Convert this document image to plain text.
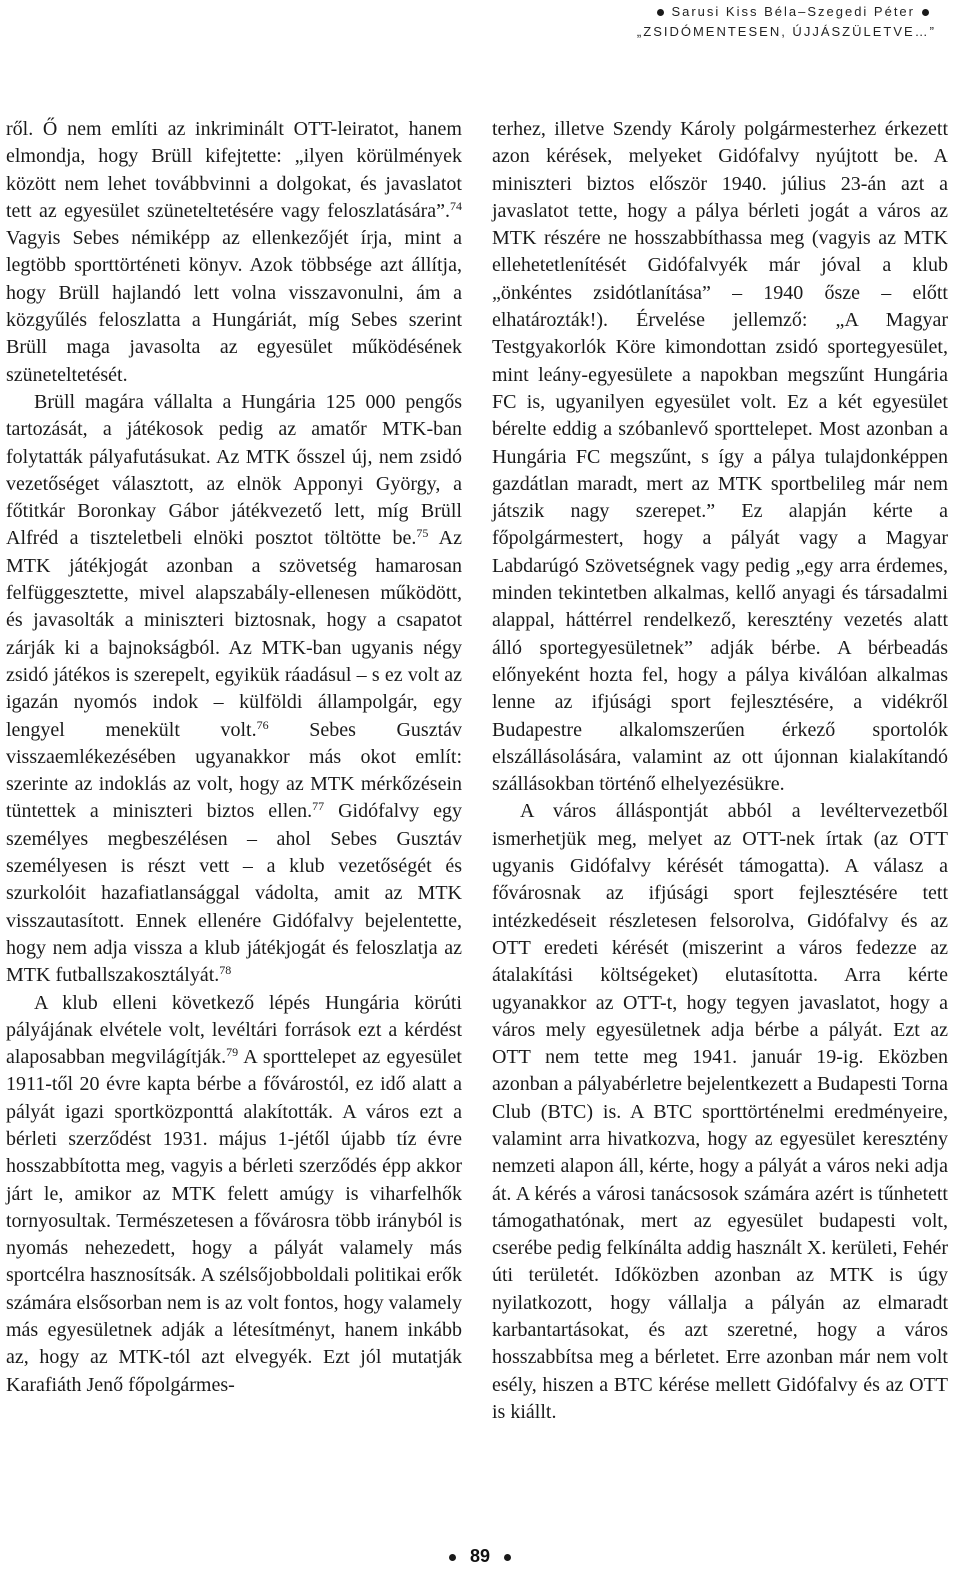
Sarusi Kiss Béla–Szegedi Péter
„ZSIDÓMENTESEN, ÚJJÁSZÜLETVE…”

ről. Ő nem említi az inkriminált OTT-leiratot, hanem elmondja, hogy Brüll kifejtette: „ilyen körülmények között nem lehet továbbvinni a dolgokat, és javaslatot tett az egyesület szüneteltetésére vagy feloszlatására”.$^{74}$ Vagyis Sebes némiképp az ellenkezőjét írja, mint a legtöbb sporttörténeti könyv. Azok többsége azt állítja, hogy Brüll hajlandó lett volna visszavonulni, ám a közgyűlés feloszlatta a Hungáriát, míg Sebes szerint Brüll maga javasolta az egyesület működésének szüneteltetését.

Brüll magára vállalta a Hungária 125 000 pengős tartozását, a játékosok pedig az amatőr MTK-ban folytatták pályafutásukat. Az MTK ősszel új, nem zsidó vezetőséget választott, az elnök Apponyi György, a főtitkár Boronkay Gábor játékvezető lett, míg Brüll Alfréd a tiszteletbeli elnöki posztot töltötte be.$^{75}$ Az MTK játékjogát azonban a szövetség hamarosan felfüggesztette, mivel alapszabály-ellenesen működött, és javasolták a miniszteri biztosnak, hogy a csapatot zárják ki a bajnokságból. Az MTK-ban ugyanis négy zsidó játékos is szerepelt, egyikük ráadásul – s ez volt az igazán nyomós indok – külföldi állampolgár, egy lengyel menekült volt.$^{76}$ Sebes Gusztáv visszaemlékezésében ugyanakkor más okot említ: szerinte az indoklás az volt, hogy az MTK mérkőzésein tüntettek a miniszteri biztos ellen.$^{77}$ Gidófalvy egy személyes megbeszélésen – ahol Sebes Gusztáv személyesen is részt vett – a klub vezetőségét és szurkolóit hazafiatlansággal vádolta, amit az MTK visszautasított. Ennek ellenére Gidófalvy bejelentette, hogy nem adja vissza a klub játékjogát és feloszlatja az MTK futballszakosztályát.$^{78}$

A klub elleni következő lépés Hungária körúti pályájának elvétele volt, levéltári források ezt a kérdést alaposabban megvilágítják.$^{79}$ A sporttelepet az egyesület 1911-től 20 évre kapta bérbe a fővárostól, ez idő alatt a pályát igazi sportközponttá alakították. A város ezt a bérleti szerződést 1931. május 1-jétől újabb tíz évre hosszabbította meg, vagyis a bérleti szerződés épp akkor járt le, amikor az MTK felett amúgy is viharfelhők tornyosultak. Természetesen a fővárosra több irányból is nyomás nehezedett, hogy a pályát valamely más sportcélra hasznosítsák. A szélsőjobboldali politikai erők számára elsősorban nem is az volt fontos, hogy valamely más egyesületnek adják a létesítményt, hanem inkább az, hogy az MTK-tól azt elvegyék. Ezt jól mutatják Karafiáth Jenő főpolgármes-

terhez, illetve Szendy Károly polgármesterhez érkezett azon kérések, melyeket Gidófalvy nyújtott be. A miniszteri biztos először 1940. július 23-án azt a javaslatot tette, hogy a pálya bérleti jogát a város az MTK részére ne hosszabbíthassa meg (vagyis az MTK ellehetetlenítését Gidófalvyék már jóval a klub „önkéntes zsidótlanítása” – 1940 ősze – előtt elhatározták!). Érvelése jellemző: „A Magyar Testgyakorlók Köre kimondottan zsidó sportegyesület, mint leány-egyesülete a napokban megszűnt Hungária FC is, ugyanilyen egyesület volt. Ez a két egyesület bérelte eddig a szóbanlevő sporttelepet. Most azonban a Hungária FC megszűnt, s így a pálya tulajdonképpen gazdátlan maradt, mert az MTK sportbelileg már nem játszik nagy szerepet.” Ez alapján kérte a főpolgármestert, hogy a pályát vagy a Magyar Labdarúgó Szövetségnek vagy pedig „egy arra érdemes, minden tekintetben alkalmas, kellő anyagi és társadalmi alappal, háttérrel rendelkező, keresztény vezetés alatt álló sportegyesületnek” adják bérbe. A bérbeadás előnyeként hozta fel, hogy a pálya kiválóan alkalmas lenne az ifjúsági sport fejlesztésére, a vidékről Budapestre alkalomszerűen érkező sportolók elszállásolására, valamint az ott újonnan kialakítandó szállásokban történő elhelyezésükre.

A város álláspontját abból a levéltervezetből ismerhetjük meg, melyet az OTT-nek írtak (az OTT ugyanis Gidófalvy kérését támogatta). A válasz a fővárosnak az ifjúsági sport fejlesztésére tett intézkedéseit részletesen felsorolva, Gidófalvy és az OTT eredeti kérését (miszerint a város fedezze az átalakítási költségeket) elutasította. Arra kérte ugyanakkor az OTT-t, hogy tegyen javaslatot, hogy a város mely egyesületnek adja bérbe a pályát. Ezt az OTT nem tette meg 1941. január 19-ig. Eközben azonban a pályabérletre bejelentkezett a Budapesti Torna Club (BTC) is. A BTC sporttörténelmi eredményeire, valamint arra hivatkozva, hogy az egyesület keresztény nemzeti alapon áll, kérte, hogy a pályát a város neki adja át. A kérés a városi tanácsosok számára azért is tűnhetett támogathatónak, mert az egyesület budapesti volt, cserébe pedig felkínálta addig használt X. kerületi, Fehér úti területét. Időközben azonban az MTK is úgy nyilatkozott, hogy vállalja a pályán az elmaradt karbantartásokat, és azt szeretné, hogy a város hosszabbítsa meg a bérletet. Erre azonban már nem volt esély, hiszen a BTC kérése mellett Gidófalvy és az OTT is kiállt.

89
